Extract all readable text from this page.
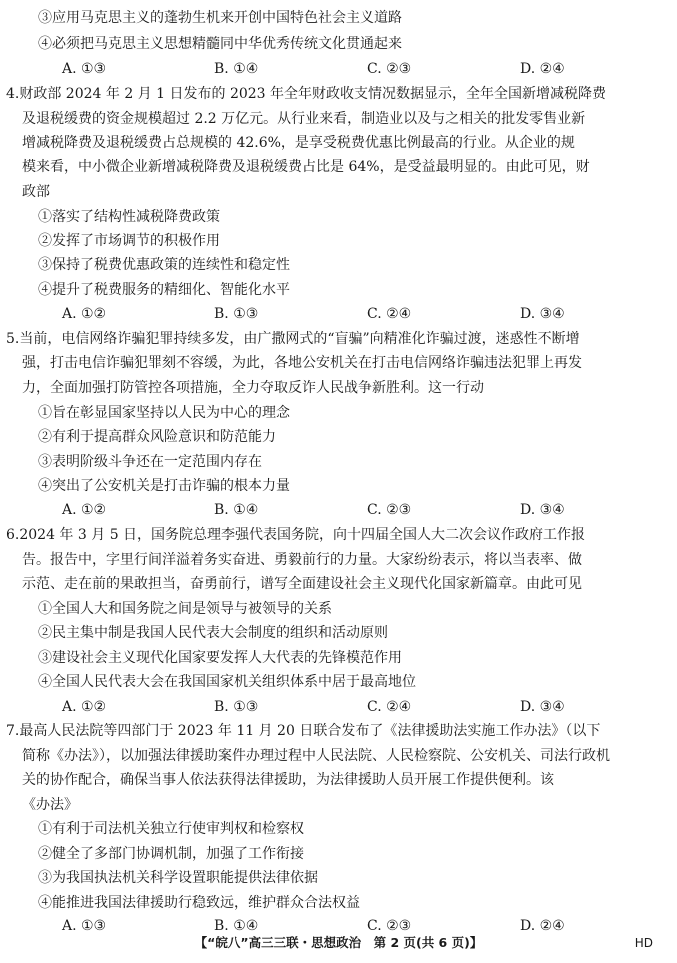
③应用马克思主义的蓬勃生机来开创中国特色社会主义道路
④必须把马克思主义思想精髓同中华优秀传统文化贯通起来
A. ①③	B. ①④	C. ②③	D. ②④
4.财政部 2024 年 2 月 1 日发布的 2023 年全年财政收支情况数据显示，全年全国新增减税降费
及退税缓费的资金规模超过 2.2 万亿元。从行业来看，制造业以及与之相关的批发零售业新
增减税降费及退税缓费占总规模的 42.6%，是享受税费优惠比例最高的行业。从企业的规
模来看，中小微企业新增减税降费及退税缓费占比是 64%，是受益最明显的。由此可见，财
政部
①落实了结构性减税降费政策
②发挥了市场调节的积极作用
③保持了税费优惠政策的连续性和稳定性
④提升了税费服务的精细化、智能化水平
A. ①②	B. ①③	C. ②④	D. ③④
5.当前，电信网络诈骗犯罪持续多发，由广撒网式的“盲骗”向精准化诈骗过渡，迷惑性不断增
强，打击电信诈骗犯罪刻不容缓，为此，各地公安机关在打击电信网络诈骗违法犯罪上再发
力，全面加强打防管控各项措施，全力夺取反诈人民战争新胜利。这一行动
①旨在彰显国家坚持以人民为中心的理念
②有利于提高群众风险意识和防范能力
③表明阶级斗争还在一定范围内存在
④突出了公安机关是打击诈骗的根本力量
A. ①②	B. ①④	C. ②③	D. ③④
6.2024 年 3 月 5 日，国务院总理李强代表国务院，向十四届全国人大二次会议作政府工作报
告。报告中，字里行间洋溢着务实奋进、勇毅前行的力量。大家纷纷表示，将以当表率、做
示范、走在前的果敢担当，奋勇前行，谱写全面建设社会主义现代化国家新篇章。由此可见
①全国人大和国务院之间是领导与被领导的关系
②民主集中制是我国人民代表大会制度的组织和活动原则
③建设社会主义现代化国家要发挥人大代表的先锋模范作用
④全国人民代表大会在我国国家机关组织体系中居于最高地位
A. ①②	B. ①③	C. ②④	D. ③④
7.最高人民法院等四部门于 2023 年 11 月 20 日联合发布了《法律援助法实施工作办法》（以下
简称《办法》），以加强法律援助案件办理过程中人民法院、人民检察院、公安机关、司法行政机
关的协作配合，确保当事人依法获得法律援助，为法律援助人员开展工作提供便利。该
《办法》
①有利于司法机关独立行使审判权和检察权
②健全了多部门协调机制，加强了工作衔接
③为我国执法机关科学设置职能提供法律依据
④能推进我国法律援助行稳致远，维护群众合法权益
A. ①③	B. ①④	C. ②③	D. ②④
【“皖八”高三三联・思想政治　第 2 页(共 6 页)】	HD
